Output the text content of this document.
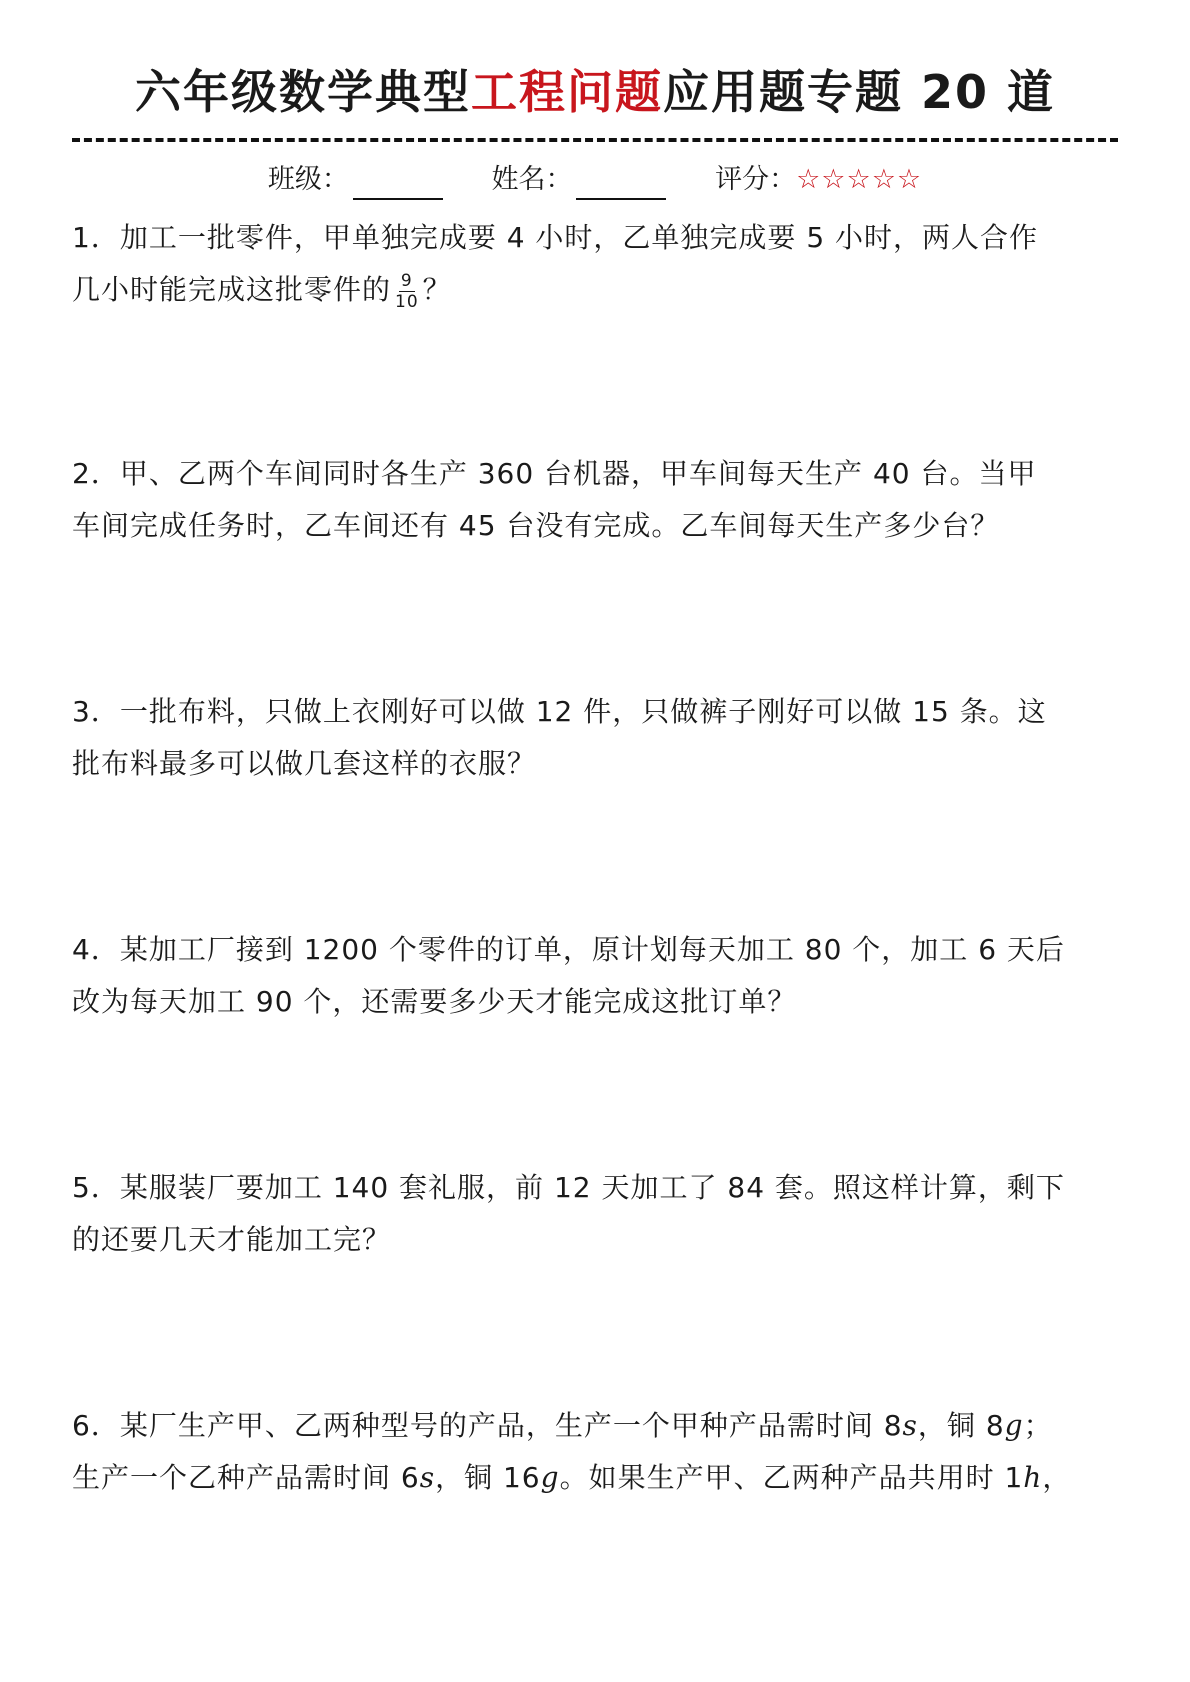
六年级数学典型工程问题应用题专题 20 道
班级：	姓名：	评分：☆☆☆☆☆
1．加工一批零件，甲单独完成要 4 小时，乙单独完成要 5 小时，两人合作
几小时能完成这批零件的 $\frac{9}{10}$ ？
2．甲、乙两个车间同时各生产 360 台机器，甲车间每天生产 40 台。当甲
车间完成任务时，乙车间还有 45 台没有完成。乙车间每天生产多少台？
3．一批布料，只做上衣刚好可以做 12 件，只做裤子刚好可以做 15 条。这
批布料最多可以做几套这样的衣服？
4．某加工厂接到 1200 个零件的订单，原计划每天加工 80 个，加工 6 天后
改为每天加工 90 个，还需要多少天才能完成这批订单？
5．某服装厂要加工 140 套礼服，前 12 天加工了 84 套。照这样计算，剩下
的还要几天才能加工完？
6．某厂生产甲、乙两种型号的产品，生产一个甲种产品需时间 8s，铜 8g；
生产一个乙种产品需时间 6s，铜 16g。如果生产甲、乙两种产品共用时 1h，
